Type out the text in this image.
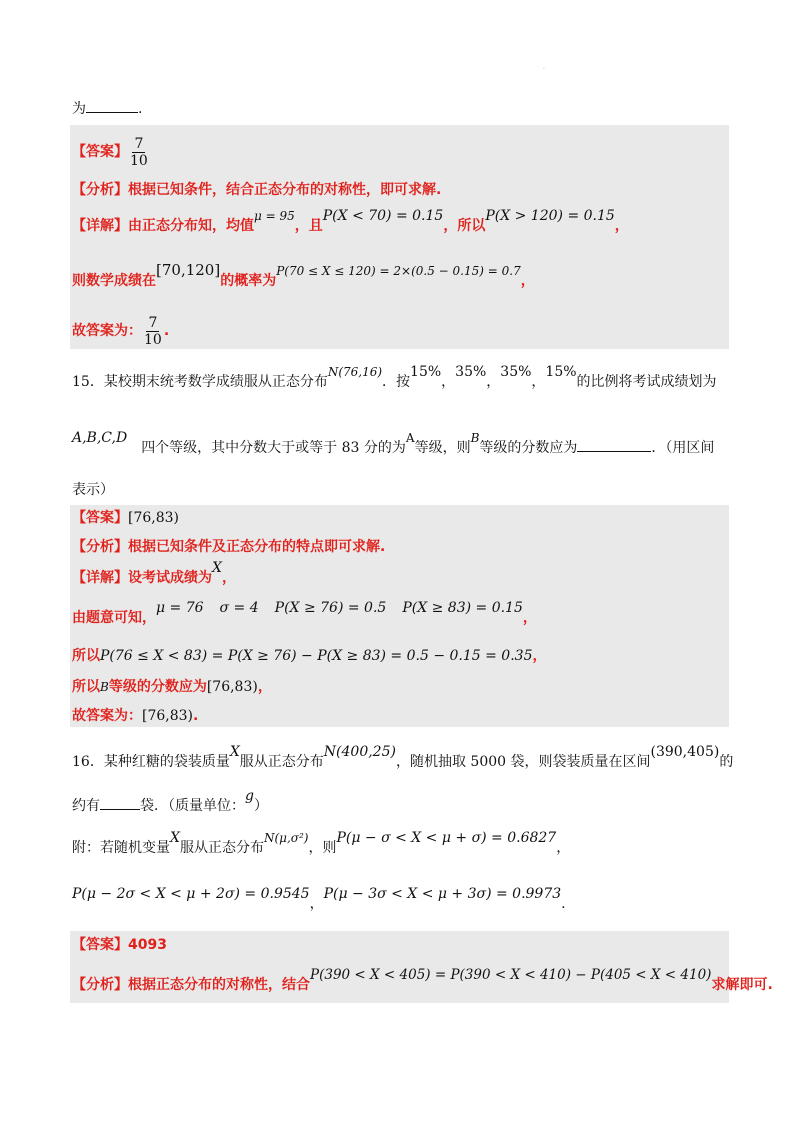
.
为	.
【答案】 $\frac{7}{10}$
【分析】根据已知条件，结合正态分布的对称性，即可求解.
【详解】由正态分布知，均值μ = 95，且P(X < 70) = 0.15，所以P(X > 120) = 0.15，
则数学成绩在[70,120]的概率为P(70 ≤ X ≤ 120) = 2×(0.5 − 0.15) = 0.7，
故答案为： $\frac{7}{10}$ .
15．某校期末统考数学成绩服从正态分布N(76,16)．按15%，35%，35%，15%的比例将考试成绩划为
A,B,C,D四个等级，其中分数大于或等于 83 分的为A等级，则B等级的分数应为	．（用区间
表示）
【答案】[76,83)
【分析】根据已知条件及正态分布的特点即可求解.
【详解】设考试成绩为X，
由题意可知，μ = 76 σ = 4 P(X ≥ 76) = 0.5 P(X ≥ 83) = 0.15，
所以P(76 ≤ X < 83) = P(X ≥ 76) − P(X ≥ 83) = 0.5 − 0.15 = 0.35，
所以B等级的分数应为[76,83)，
故答案为：[76,83).
16．某种红糖的袋装质量X服从正态分布N(400,25)，随机抽取 5000 袋，则袋装质量在区间(390,405)的
约有	袋．（质量单位：g）
附：若随机变量X服从正态分布N(μ,σ²)，则P(μ − σ < X < μ + σ) = 0.6827，
P(μ − 2σ < X < μ + 2σ) = 0.9545，P(μ − 3σ < X < μ + 3σ) = 0.9973.
【答案】4093
【分析】根据正态分布的对称性，结合P(390 < X < 405) = P(390 < X < 410) − P(405 < X < 410)求解即可.
